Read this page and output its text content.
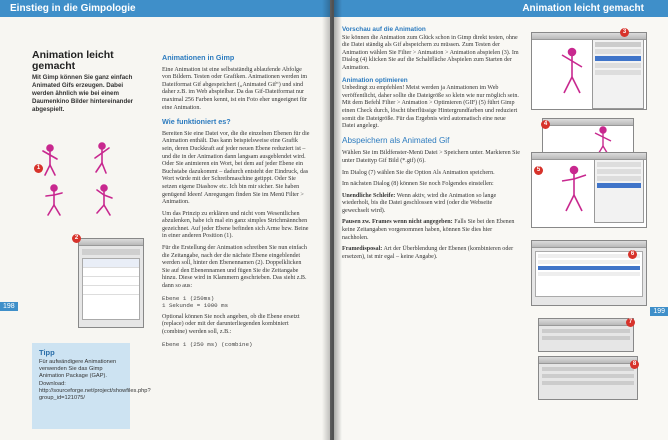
Einstieg in die Gimpologie
198
Animation leicht gemacht
Mit Gimp können Sie ganz einfach Animated Gifs erzeugen. Dabei werden ähnlich wie bei einem Daumenkino Bilder hintereinander abgespielt.
1
2
Tipp
Für aufwändigere Animationen verwenden Sie das Gimp Animation Package (GAP). Download: http://sourceforge.net/project/showfiles.php?group_id=121075/
Animationen in Gimp

Eine Animation ist eine selbstständig ablaufende Abfolge von Bildern. Testen oder Grafiken. Animationen werden im Dateiformat Gif abgespeichert („Animated Gif“) und sind daher z.B. im Web abspielbar. Da das Gif-Dateiformat nur maximal 256 Farben kennt, ist ein Foto eher ungeeignet für eine Animation.

Wie funktioniert es?

Bereiten Sie eine Datei vor, die die einzelnen Ebenen für die Animation enthält. Das kann beispielsweise eine Grafik sein, deren Duckkraft auf jeder neuen Ebene reduziert ist – und die in der Animation dann langsam ausgeblendet wird. Oder Sie animieren ein Wort, bei dem auf jeder Ebene ein Buchstabe dazukommt – dadurch entsteht der Eindruck, das Wort würde mit der Schreibmaschine getippt. Oder Sie setzen eigene Diashow etc. Ich bin mir sicher. Sie haben genügend Ideen! Anregungen finden Sie im Menü Filter > Animation.

Um das Prinzip zu erklären und nicht vom Wesentlichen abzulenken, habe ich mal ein ganz simples Strichmännchen gezeichnet. Auf jeder Ebene befinden sich Arme bzw. Beine in einer anderen Position (1).

Für die Erstellung der Animation schreiben Sie nun einfach die Zeitangabe, nach der die nächste Ebene eingeblendet werden soll, hinter den Ebenennamen (2). Doppelklicken Sie auf den Ebenennamen und fügen Sie die Zeitangabe hinzu. Diese wird in Klammern geschrieben. Das sieht z.B. dann so aus:

Ebene 1 (250ms)
1 Sekunde = 1000 ms

Optional können Sie noch angeben, ob die Ebene ersetzt (replace) oder mit der darunterliegenden kombiniert (combine) werden soll, z.B.:

Ebene 1 (250 ms) (combine)
Animation leicht gemacht
199
Vorschau auf die Animation

Sie können die Animation zum Glück schon in Gimp direkt testen, ohne die Datei ständig als Gif abspeichern zu müssen. Zum Testen der Animation wählen Sie Filter > Animation > Animation abspielen (3). Im Dialog (4) klicken Sie auf die Schaltfläche Abspielen zum Starten der Animation.

Animation optimieren

Unbedingt zu empfehlen! Meist werden ja Animationen im Web veröffentlicht, daher sollte die Dateigröße so klein wie nur möglich sein. Mit dem Befehl Filter > Animation > Optimieren (GIF) (5) führt Gimp einen Check durch, löscht überflüssige Hintergrundfarben und reduziert somit die Dateigröße. Für das Ergebnis wird automatisch eine neue Datei angelegt.

Abspeichern als Animated Gif

Wählen Sie im Bildfenster-Menü Datei > Speichern unter. Markieren Sie unter Dateityp Gif Bild (*.gif) (6).

Im Dialog (7) wählen Sie die Option Als Animation speichern.

Im nächsten Dialog (8) können Sie noch Folgendes einstellen:

Unendliche Schleife: Wenn aktiv, wird die Animation so lange wiederholt, bis die Datei geschlossen wird (oder die Webseite gewechselt wird).

Pausen zw. Frames wenn nicht angegeben: Falls Sie bei den Ebenen keine Zeitangaben vorgenommen haben, können Sie dies hier nachholen.

Framedisposal: Art der Überblendung der Ebenen (kombinieren oder ersetzen), ist mir egal – keine Angabe).

3
4
5
6
7
8
